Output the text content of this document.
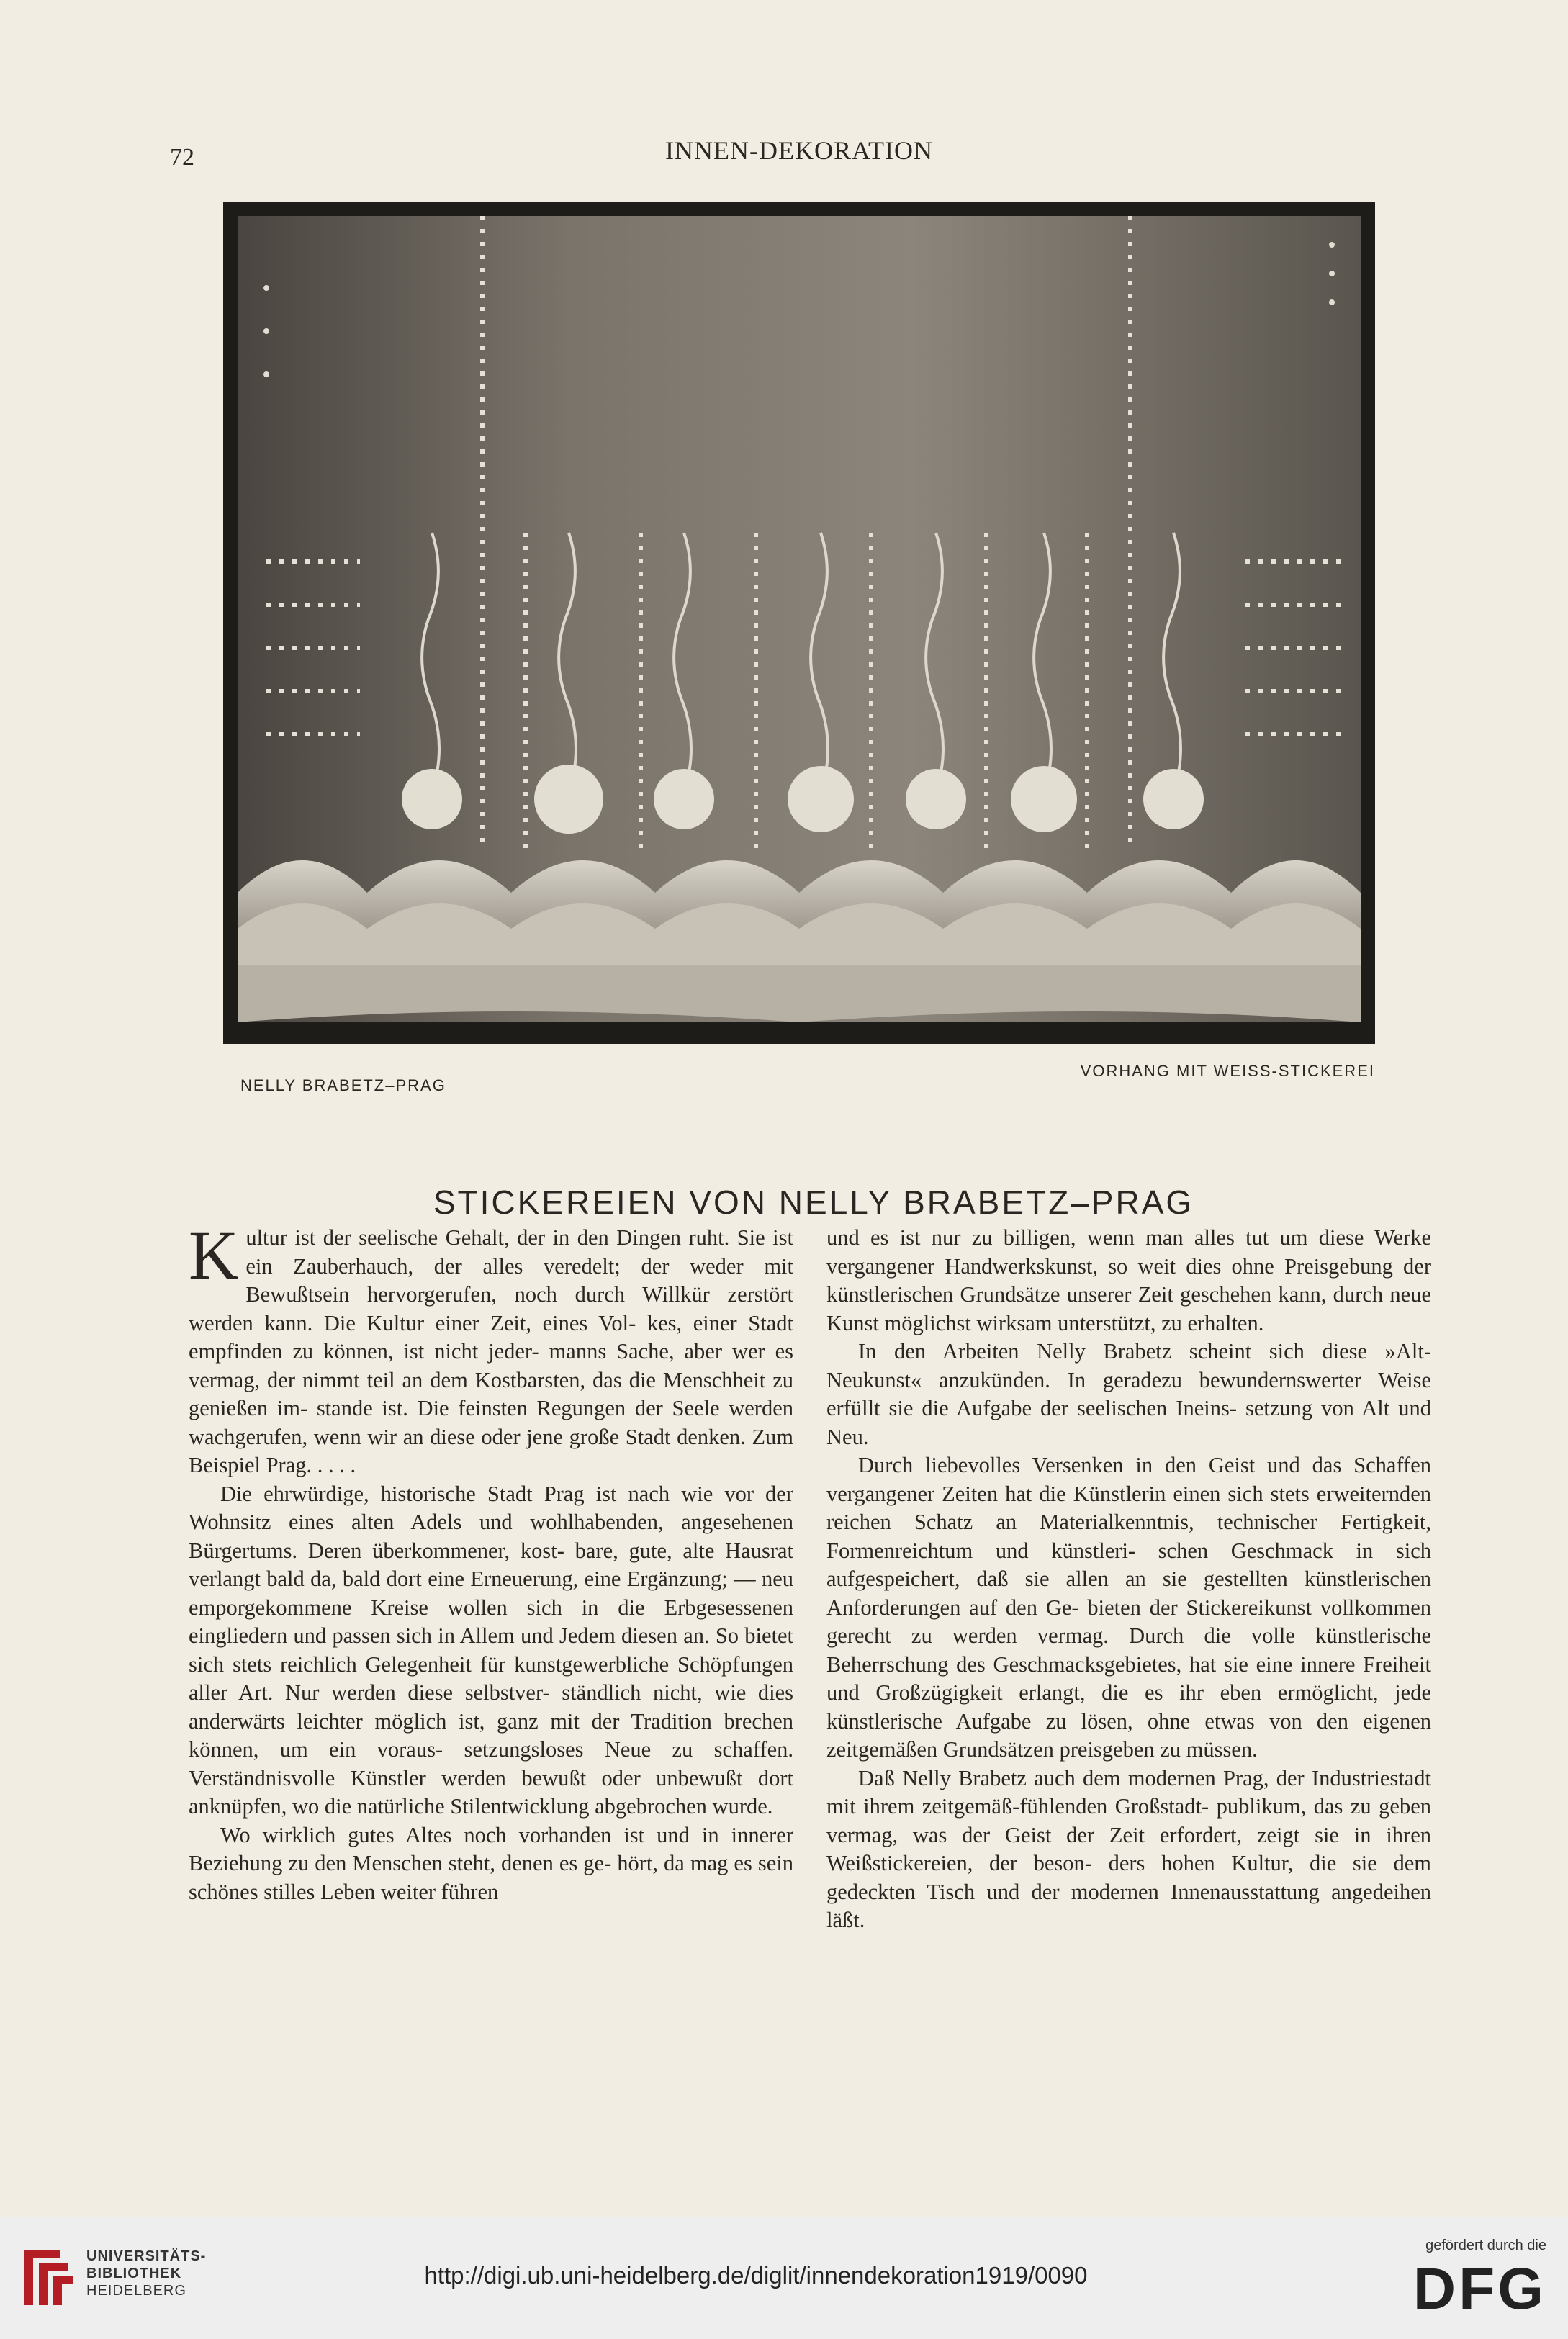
72	INNEN-DEKORATION
NELLY BRABETZ–PRAG
VORHANG MIT WEISS-STICKEREI
STICKEREIEN VON NELLY BRABETZ–PRAG

Kultur ist der seelische Gehalt, der in den Dingen ruht. Sie ist ein Zauberhauch, der alles veredelt; der weder mit Bewußtsein hervorgerufen, noch durch Willkür zerstört werden kann. Die Kultur einer Zeit, eines Vol- kes, einer Stadt empfinden zu können, ist nicht jeder- manns Sache, aber wer es vermag, der nimmt teil an dem Kostbarsten, das die Menschheit zu genießen im- stande ist. Die feinsten Regungen der Seele werden wachgerufen, wenn wir an diese oder jene große Stadt denken. Zum Beispiel Prag. . . . .

Die ehrwürdige, historische Stadt Prag ist nach wie vor der Wohnsitz eines alten Adels und wohlhabenden, angesehenen Bürgertums. Deren überkommener, kost- bare, gute, alte Hausrat verlangt bald da, bald dort eine Erneuerung, eine Ergänzung; — neu emporgekommene Kreise wollen sich in die Erbgesessenen eingliedern und passen sich in Allem und Jedem diesen an. So bietet sich stets reichlich Gelegenheit für kunstgewerbliche Schöpfungen aller Art. Nur werden diese selbstver- ständlich nicht, wie dies anderwärts leichter möglich ist, ganz mit der Tradition brechen können, um ein voraus- setzungsloses Neue zu schaffen. Verständnisvolle Künstler werden bewußt oder unbewußt dort anknüpfen, wo die natürliche Stilentwicklung abgebrochen wurde.

Wo wirklich gutes Altes noch vorhanden ist und in innerer Beziehung zu den Menschen steht, denen es ge- hört, da mag es sein schönes stilles Leben weiter führen

und es ist nur zu billigen, wenn man alles tut um diese Werke vergangener Handwerkskunst, so weit dies ohne Preisgebung der künstlerischen Grundsätze unserer Zeit geschehen kann, durch neue Kunst möglichst wirksam unterstützt, zu erhalten.

In den Arbeiten Nelly Brabetz scheint sich diese »Alt- Neukunst« anzukünden. In geradezu bewundernswerter Weise erfüllt sie die Aufgabe der seelischen Ineins- setzung von Alt und Neu.

Durch liebevolles Versenken in den Geist und das Schaffen vergangener Zeiten hat die Künstlerin einen sich stets erweiternden reichen Schatz an Materialkenntnis, technischer Fertigkeit, Formenreichtum und künstleri- schen Geschmack in sich aufgespeichert, daß sie allen an sie gestellten künstlerischen Anforderungen auf den Ge- bieten der Stickereikunst vollkommen gerecht zu werden vermag. Durch die volle künstlerische Beherrschung des Geschmacksgebietes, hat sie eine innere Freiheit und Großzügigkeit erlangt, die es ihr eben ermöglicht, jede künstlerische Aufgabe zu lösen, ohne etwas von den eigenen zeitgemäßen Grundsätzen preisgeben zu müssen.

Daß Nelly Brabetz auch dem modernen Prag, der Industriestadt mit ihrem zeitgemäß-fühlenden Großstadt- publikum, das zu geben vermag, was der Geist der Zeit erfordert, zeigt sie in ihren Weißstickereien, der beson- ders hohen Kultur, die sie dem gedeckten Tisch und der modernen Innenausstattung angedeihen läßt.

UNIVERSITÄTS-
BIBLIOTHEK
HEIDELBERG
http://digi.ub.uni-heidelberg.de/diglit/innendekoration1919/0090
gefördert durch die
DFG
